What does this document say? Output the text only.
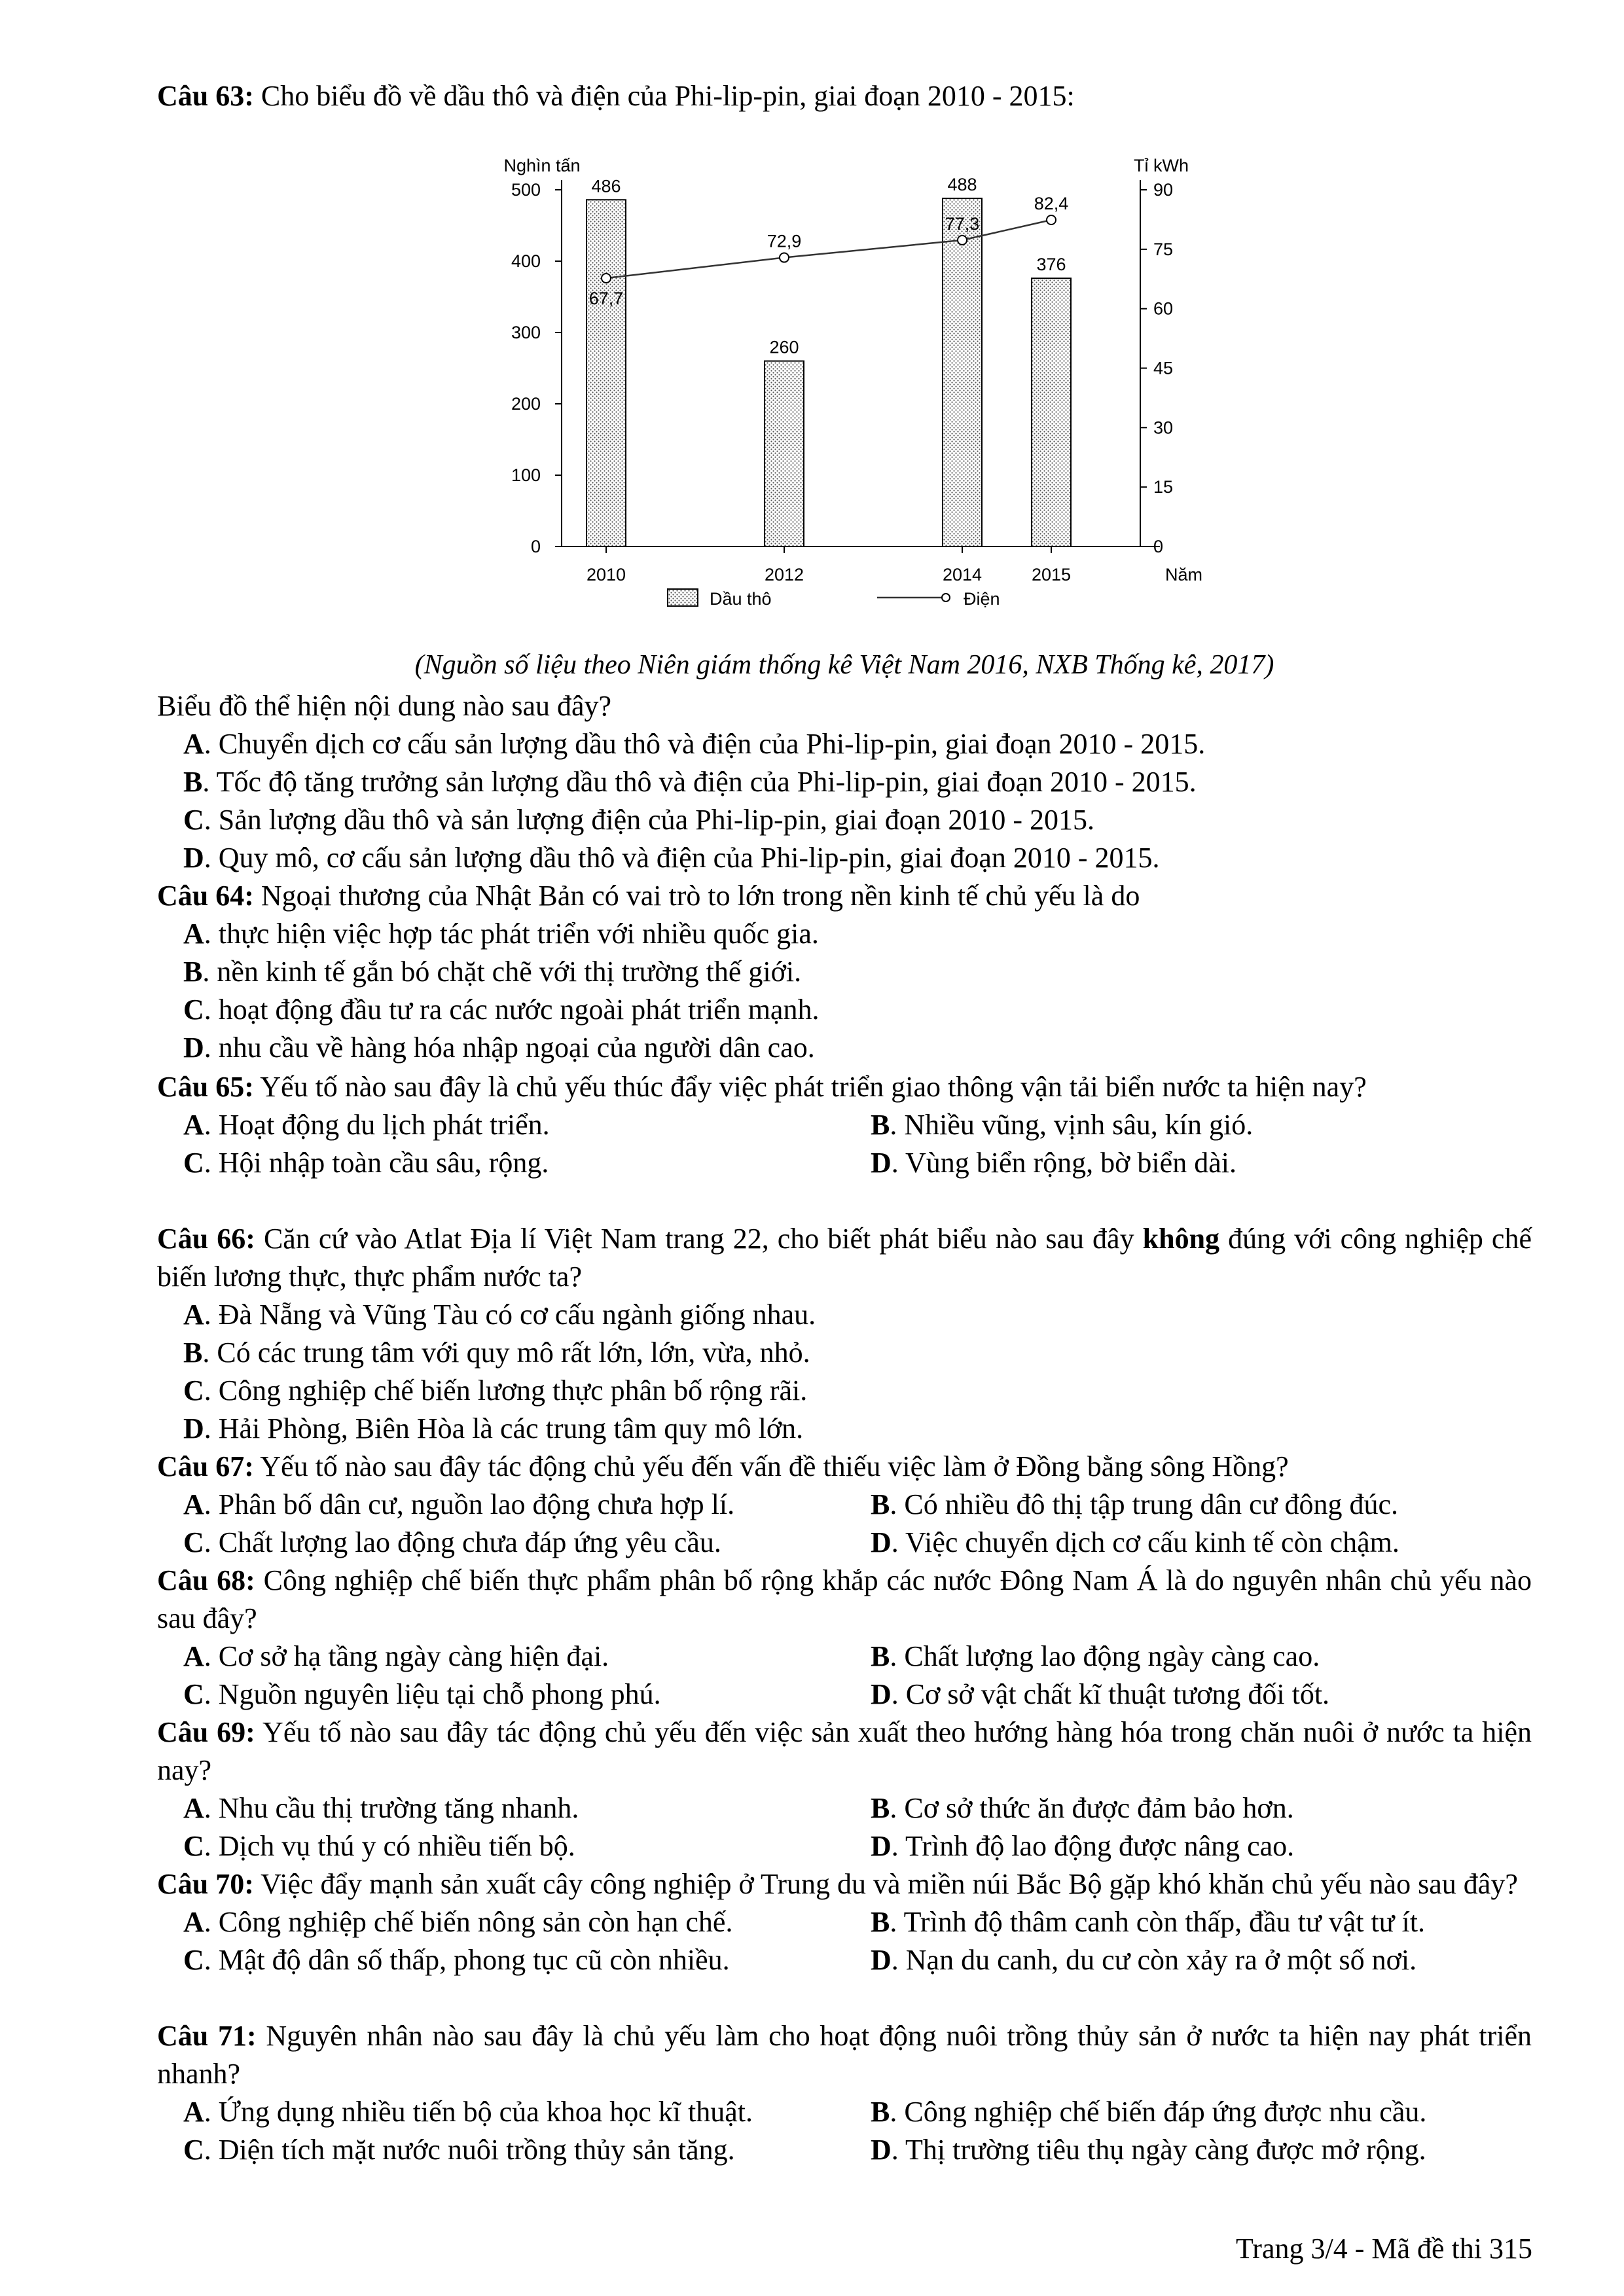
Câu 63: Cho biểu đồ về dầu thô và điện của Phi-lip-pin, giai đoạn 2010 - 2015:
0
100
200
300
400
500
0
15
30
45
60
75
90
Nghìn tấn	Tỉ kWh
Năm
486
2010
260
2012
488
2014
376
2015
67,7
72,9
77,3
82,4
Dầu thô	Điện
(Nguồn số liệu theo Niên giám thống kê Việt Nam 2016, NXB Thống kê, 2017)
Biểu đồ thể hiện nội dung nào sau đây?
A. Chuyển dịch cơ cấu sản lượng dầu thô và điện của Phi-lip-pin, giai đoạn 2010 - 2015.
B. Tốc độ tăng trưởng sản lượng dầu thô và điện của Phi-lip-pin, giai đoạn 2010 - 2015.
C. Sản lượng dầu thô và sản lượng điện của Phi-lip-pin, giai đoạn 2010 - 2015.
D. Quy mô, cơ cấu sản lượng dầu thô và điện của Phi-lip-pin, giai đoạn 2010 - 2015.
Câu 64: Ngoại thương của Nhật Bản có vai trò to lớn trong nền kinh tế chủ yếu là do
A. thực hiện việc hợp tác phát triển với nhiều quốc gia.
B. nền kinh tế gắn bó chặt chẽ với thị trường thế giới.
C. hoạt động đầu tư ra các nước ngoài phát triển mạnh.
D. nhu cầu về hàng hóa nhập ngoại của người dân cao.
Câu 65: Yếu tố nào sau đây là chủ yếu thúc đẩy việc phát triển giao thông vận tải biển nước ta hiện nay?
A. Hoạt động du lịch phát triển.	B. Nhiều vũng, vịnh sâu, kín gió.
C. Hội nhập toàn cầu sâu, rộng.	D. Vùng biển rộng, bờ biển dài.
Câu 66: Căn cứ vào Atlat Địa lí Việt Nam trang 22, cho biết phát biểu nào sau đây không đúng với công nghiệp chế biến lương thực, thực phẩm nước ta?
A. Đà Nẵng và Vũng Tàu có cơ cấu ngành giống nhau.
B. Có các trung tâm với quy mô rất lớn, lớn, vừa, nhỏ.
C. Công nghiệp chế biến lương thực phân bố rộng rãi.
D. Hải Phòng, Biên Hòa là các trung tâm quy mô lớn.
Câu 67: Yếu tố nào sau đây tác động chủ yếu đến vấn đề thiếu việc làm ở Đồng bằng sông Hồng?
A. Phân bố dân cư, nguồn lao động chưa hợp lí.	B. Có nhiều đô thị tập trung dân cư đông đúc.
C. Chất lượng lao động chưa đáp ứng yêu cầu.	D. Việc chuyển dịch cơ cấu kinh tế còn chậm.
Câu 68: Công nghiệp chế biến thực phẩm phân bố rộng khắp các nước Đông Nam Á là do nguyên nhân chủ yếu nào sau đây?
A. Cơ sở hạ tầng ngày càng hiện đại.	B. Chất lượng lao động ngày càng cao.
C. Nguồn nguyên liệu tại chỗ phong phú.	D. Cơ sở vật chất kĩ thuật tương đối tốt.
Câu 69: Yếu tố nào sau đây tác động chủ yếu đến việc sản xuất theo hướng hàng hóa trong chăn nuôi ở nước ta hiện nay?
A. Nhu cầu thị trường tăng nhanh.	B. Cơ sở thức ăn được đảm bảo hơn.
C. Dịch vụ thú y có nhiều tiến bộ.	D. Trình độ lao động được nâng cao.
Câu 70: Việc đẩy mạnh sản xuất cây công nghiệp ở Trung du và miền núi Bắc Bộ gặp khó khăn chủ yếu nào sau đây?
A. Công nghiệp chế biến nông sản còn hạn chế.	B. Trình độ thâm canh còn thấp, đầu tư vật tư ít.
C. Mật độ dân số thấp, phong tục cũ còn nhiều.	D. Nạn du canh, du cư còn xảy ra ở một số nơi.
Câu 71: Nguyên nhân nào sau đây là chủ yếu làm cho hoạt động nuôi trồng thủy sản ở nước ta hiện nay phát triển nhanh?
A. Ứng dụng nhiều tiến bộ của khoa học kĩ thuật.	B. Công nghiệp chế biến đáp ứng được nhu cầu.
C. Diện tích mặt nước nuôi trồng thủy sản tăng.	D. Thị trường tiêu thụ ngày càng được mở rộng.
Trang 3/4 - Mã đề thi 315
